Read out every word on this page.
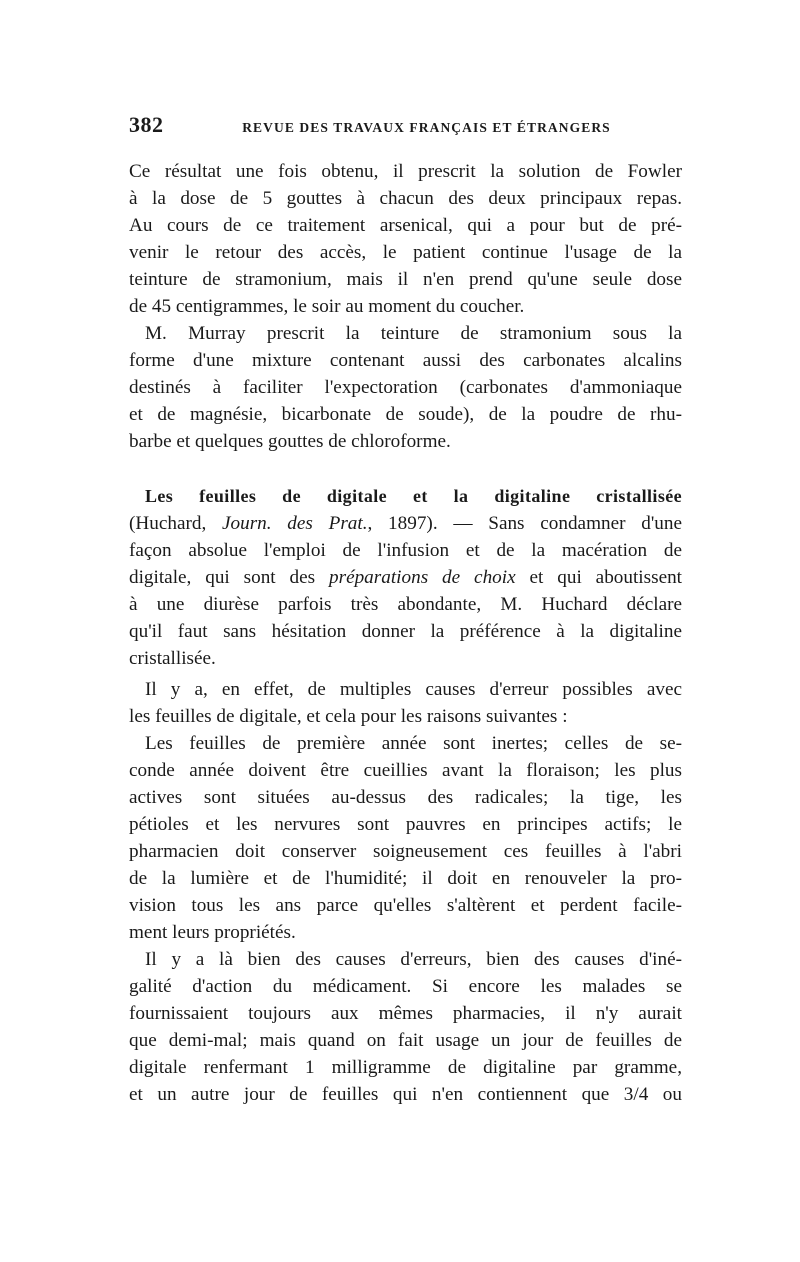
382	REVUE DES TRAVAUX FRANÇAIS ET ÉTRANGERS
Ce résultat une fois obtenu, il prescrit la solution de Fowler
à la dose de 5 gouttes à chacun des deux principaux repas.
Au cours de ce traitement arsenical, qui a pour but de pré-
venir le retour des accès, le patient continue l'usage de la
teinture de stramonium, mais il n'en prend qu'une seule dose
de 45 centigrammes, le soir au moment du coucher.
M. Murray prescrit la teinture de stramonium sous la
forme d'une mixture contenant aussi des carbonates alcalins
destinés à faciliter l'expectoration (carbonates d'ammoniaque
et de magnésie, bicarbonate de soude), de la poudre de rhu-
barbe et quelques gouttes de chloroforme.
Les feuilles de digitale et la digitaline cristallisée
(Huchard, Journ. des Prat., 1897). — Sans condamner d'une
façon absolue l'emploi de l'infusion et de la macération de
digitale, qui sont des préparations de choix et qui aboutissent
à une diurèse parfois très abondante, M. Huchard déclare
qu'il faut sans hésitation donner la préférence à la digitaline
cristallisée.
Il y a, en effet, de multiples causes d'erreur possibles avec
les feuilles de digitale, et cela pour les raisons suivantes :
Les feuilles de première année sont inertes; celles de se-
conde année doivent être cueillies avant la floraison; les plus
actives sont situées au-dessus des radicales; la tige, les
pétioles et les nervures sont pauvres en principes actifs; le
pharmacien doit conserver soigneusement ces feuilles à l'abri
de la lumière et de l'humidité; il doit en renouveler la pro-
vision tous les ans parce qu'elles s'altèrent et perdent facile-
ment leurs propriétés.
Il y a là bien des causes d'erreurs, bien des causes d'iné-
galité d'action du médicament. Si encore les malades se
fournissaient toujours aux mêmes pharmacies, il n'y aurait
que demi-mal; mais quand on fait usage un jour de feuilles de
digitale renfermant 1 milligramme de digitaline par gramme,
et un autre jour de feuilles qui n'en contiennent que 3/4 ou
